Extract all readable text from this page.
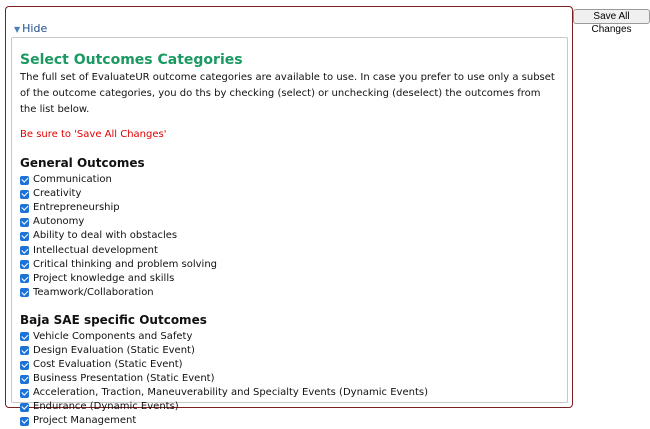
▼ Hide
Select Outcomes Categories

The full set of EvaluateUR outcome categories are available to use. In case you prefer to use only a subset of the outcome categories, you do ths by checking (select) or unchecking (deselect) the outcomes from the list below.

Be sure to 'Save All Changes'

General Outcomes
Communication
Creativity
Entrepreneurship
Autonomy
Ability to deal with obstacles
Intellectual development
Critical thinking and problem solving
Project knowledge and skills
Teamwork/Collaboration
Baja SAE specific Outcomes
Vehicle Components and Safety
Design Evaluation (Static Event)
Cost Evaluation (Static Event)
Business Presentation (Static Event)
Acceleration, Traction, Maneuverability and Specialty Events (Dynamic Events)
Endurance (Dynamic Events)
Project Management
Save All Changes
